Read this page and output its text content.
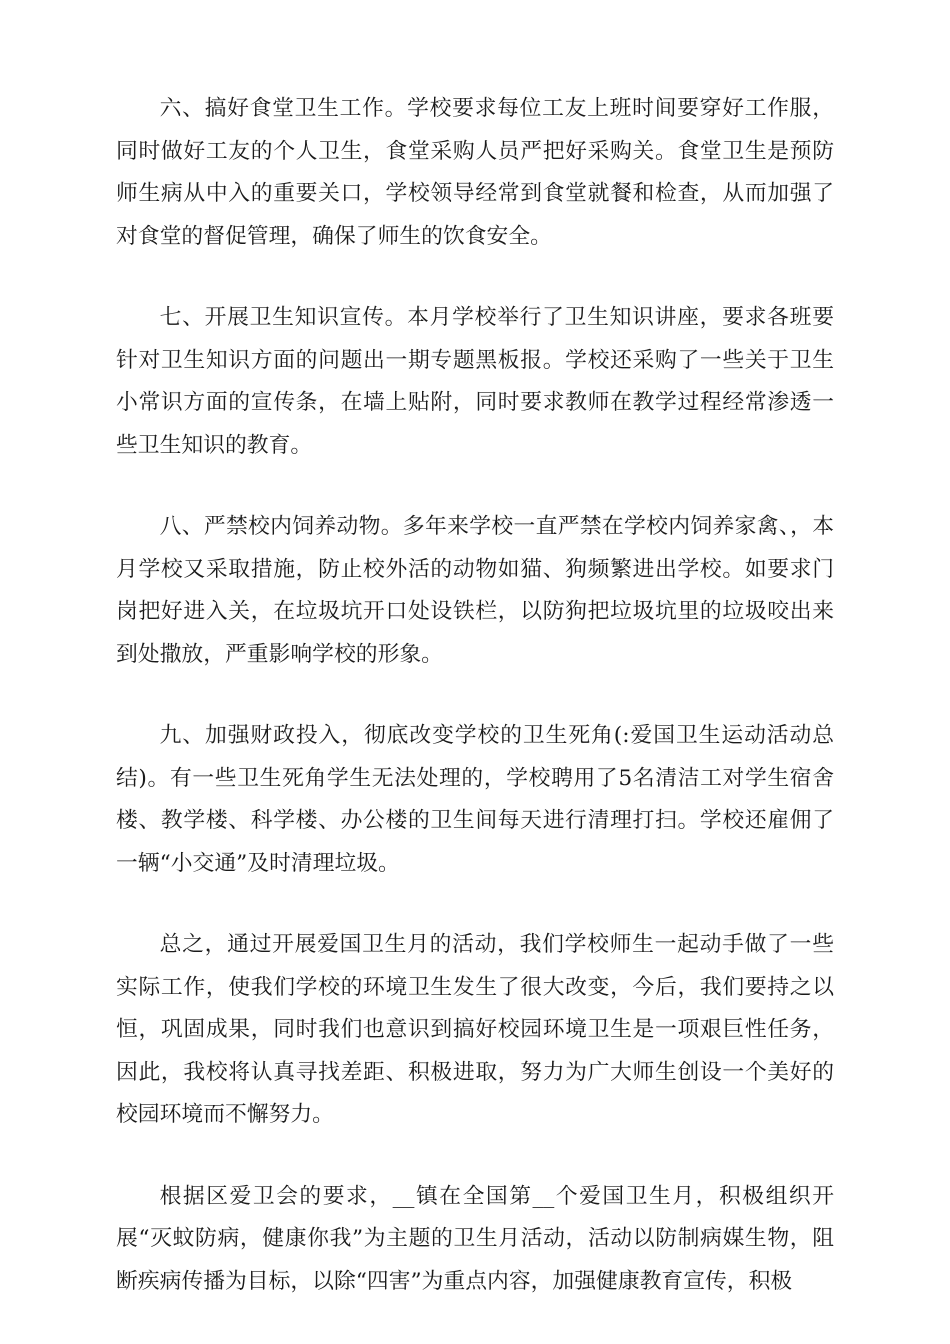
六、搞好食堂卫生工作。学校要求每位工友上班时间要穿好工作服，同时做好工友的个人卫生，食堂采购人员严把好采购关。食堂卫生是预防师生病从中入的重要关口，学校领导经常到食堂就餐和检查，从而加强了对食堂的督促管理，确保了师生的饮食安全。

七、开展卫生知识宣传。本月学校举行了卫生知识讲座，要求各班要针对卫生知识方面的问题出一期专题黑板报。学校还采购了一些关于卫生小常识方面的宣传条，在墙上贴附，同时要求教师在教学过程经常渗透一些卫生知识的教育。

八、严禁校内饲养动物。多年来学校一直严禁在学校内饲养家禽、，本月学校又采取措施，防止校外活的动物如猫、狗频繁进出学校。如要求门岗把好进入关，在垃圾坑开口处设铁栏，以防狗把垃圾坑里的垃圾咬出来到处撒放，严重影响学校的形象。

九、加强财政投入，彻底改变学校的卫生死角(:爱国卫生运动活动总结)。有一些卫生死角学生无法处理的，学校聘用了5名清洁工对学生宿舍楼、教学楼、科学楼、办公楼的卫生间每天进行清理打扫。学校还雇佣了一辆“小交通”及时清理垃圾。

总之，通过开展爱国卫生月的活动，我们学校师生一起动手做了一些实际工作，使我们学校的环境卫生发生了很大改变，今后，我们要持之以恒，巩固成果，同时我们也意识到搞好校园环境卫生是一项艰巨性任务，因此，我校将认真寻找差距、积极进取，努力为广大师生创设一个美好的校园环境而不懈努力。

根据区爱卫会的要求，__镇在全国第__个爱国卫生月，积极组织开展“灭蚊防病，健康你我”为主题的卫生月活动，活动以防制病媒生物，阻断疾病传播为目标，以除“四害”为重点内容，加强健康教育宣传，积极
